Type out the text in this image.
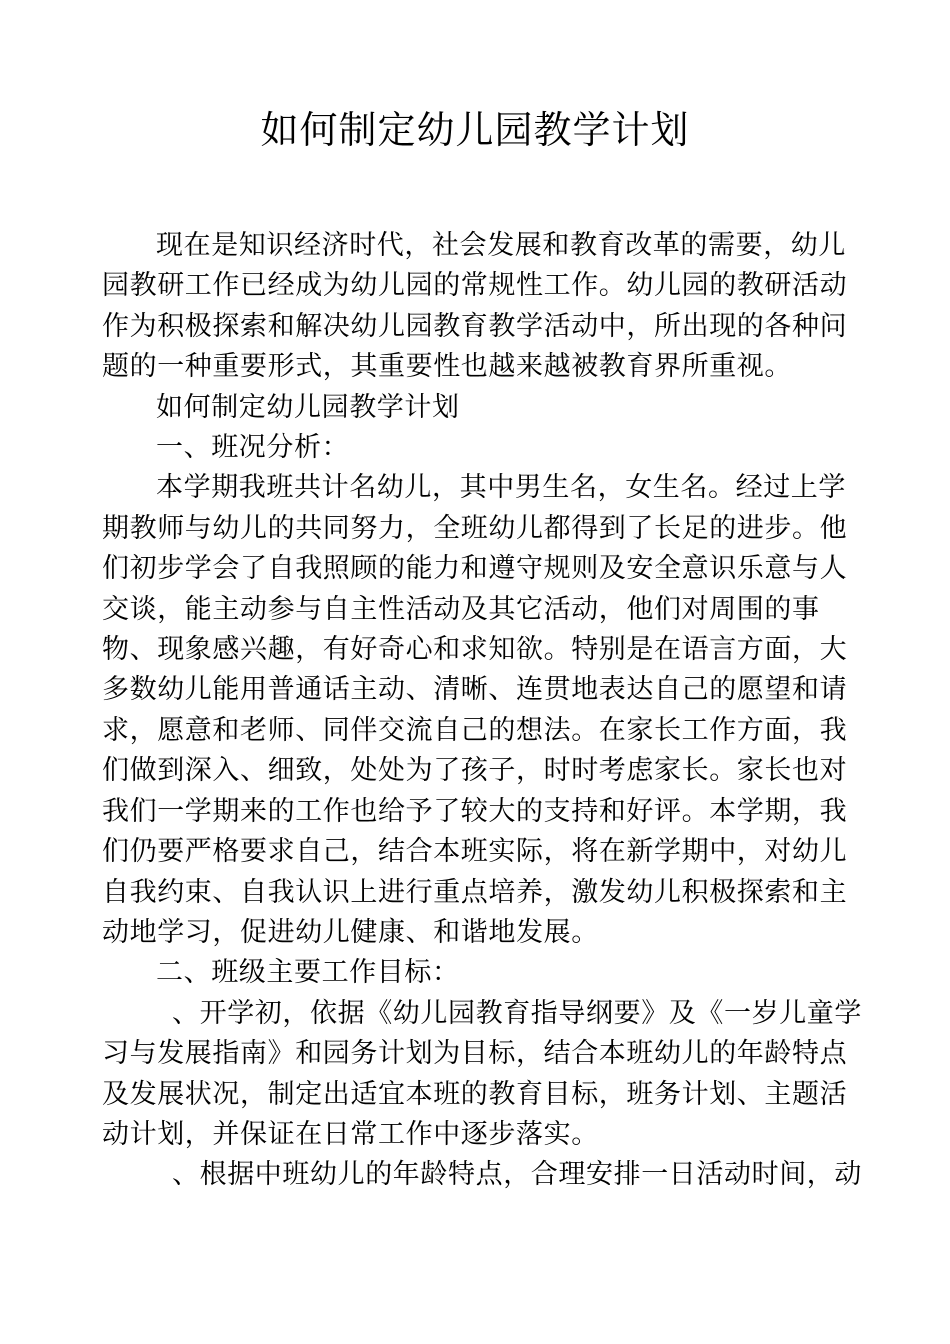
如何制定幼儿园教学计划

现在是知识经济时代，社会发展和教育改革的需要，幼儿园教研工作已经成为幼儿园的常规性工作。幼儿园的教研活动作为积极探索和解决幼儿园教育教学活动中，所出现的各种问题的一种重要形式，其重要性也越来越被教育界所重视。

如何制定幼儿园教学计划

一、班况分析：

本学期我班共计名幼儿，其中男生名，女生名。经过上学期教师与幼儿的共同努力，全班幼儿都得到了长足的进步。他们初步学会了自我照顾的能力和遵守规则及安全意识乐意与人交谈，能主动参与自主性活动及其它活动，他们对周围的事物、现象感兴趣，有好奇心和求知欲。特别是在语言方面，大多数幼儿能用普通话主动、清晰、连贯地表达自己的愿望和请求，愿意和老师、同伴交流自己的想法。在家长工作方面，我们做到深入、细致，处处为了孩子，时时考虑家长。家长也对我们一学期来的工作也给予了较大的支持和好评。本学期，我们仍要严格要求自己，结合本班实际，将在新学期中，对幼儿自我约束、自我认识上进行重点培养，激发幼儿积极探索和主动地学习，促进幼儿健康、和谐地发展。

二、班级主要工作目标：

、开学初，依据《幼儿园教育指导纲要》及《一岁儿童学习与发展指南》和园务计划为目标，结合本班幼儿的年龄特点及发展状况，制定出适宜本班的教育目标，班务计划、主题活动计划，并保证在日常工作中逐步落实。

、根据中班幼儿的年龄特点，合理安排一日活动时间，动
